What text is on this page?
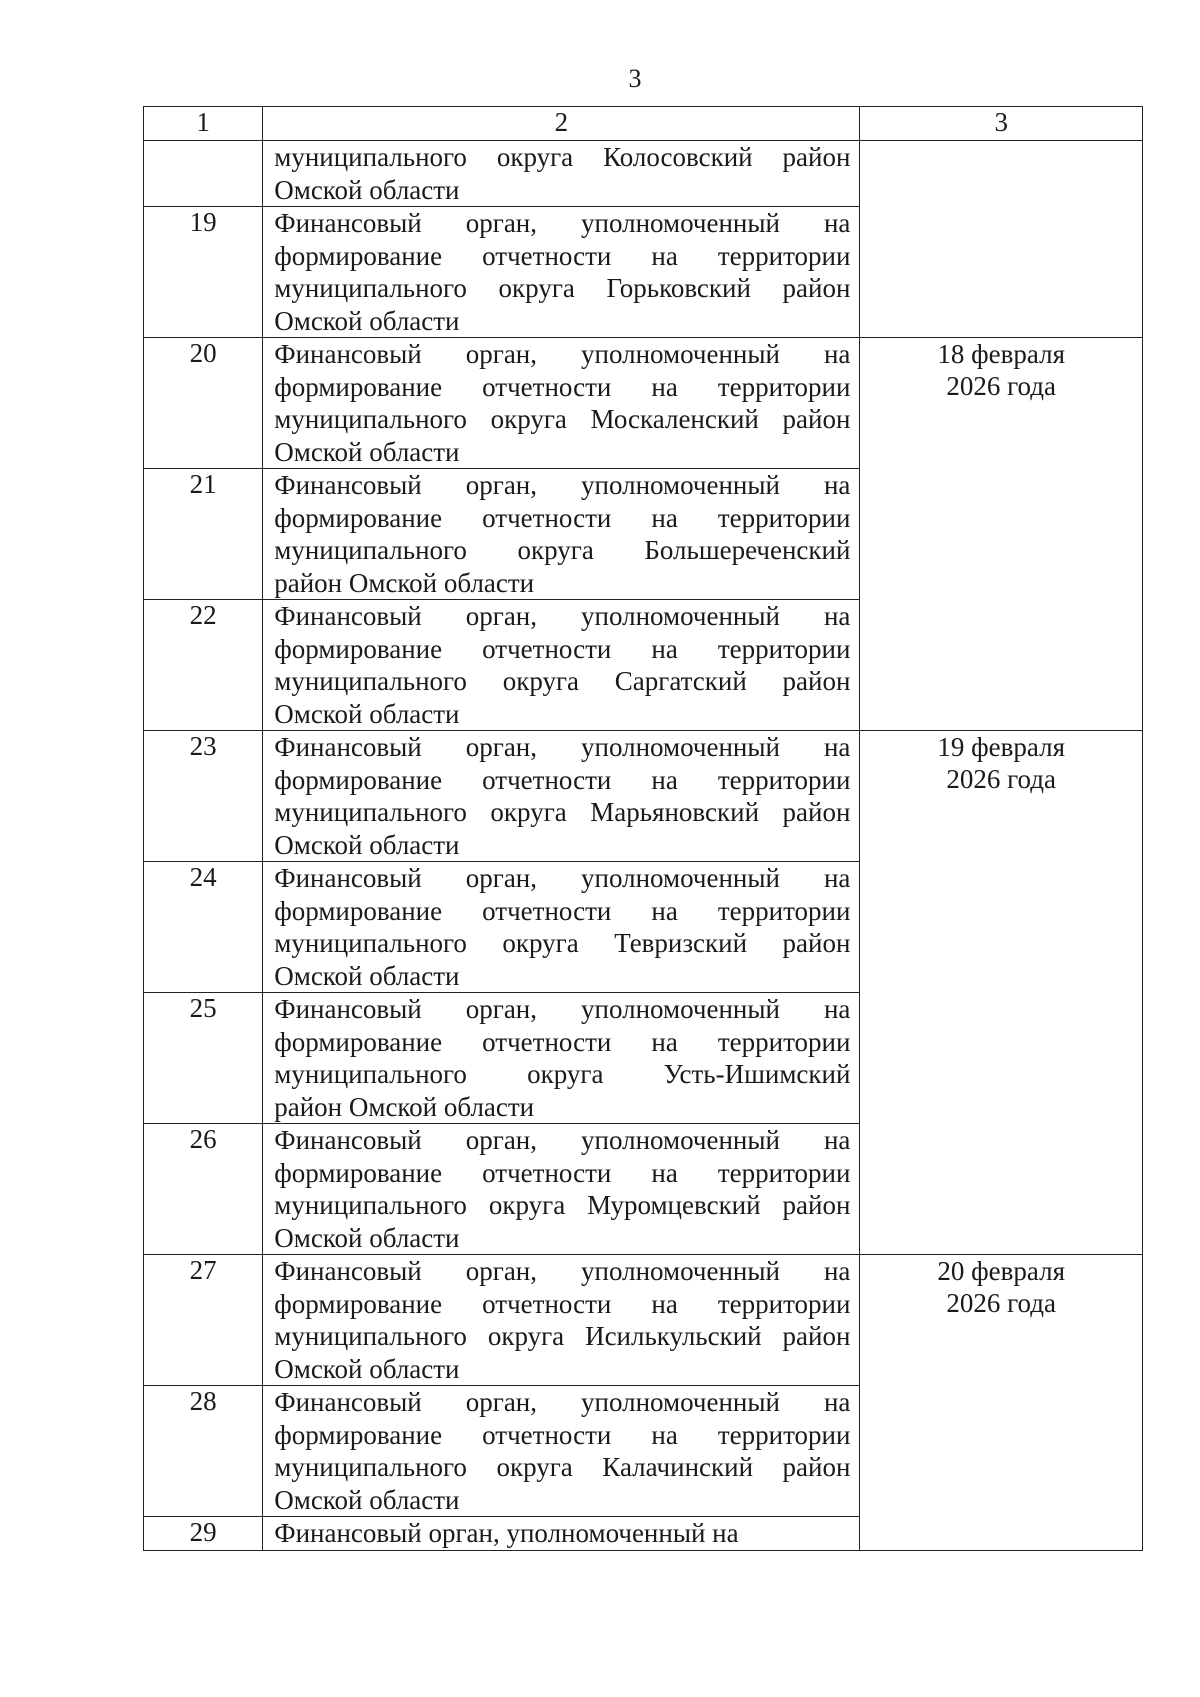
3
1	2	3

	муниципального округа Колосовский район
Омской области	

19	Финансовый орган, уполномоченный на
формирование отчетности на территории
муниципального округа Горьковский район
Омской области	

20	Финансовый орган, уполномоченный на
формирование отчетности на территории
муниципального округа Москаленский район
Омской области	18 февраля
2026 года

21	Финансовый орган, уполномоченный на
формирование отчетности на территории
муниципального округа Большереченский
район Омской области	

22	Финансовый орган, уполномоченный на
формирование отчетности на территории
муниципального округа Саргатский район
Омской области	

23	Финансовый орган, уполномоченный на
формирование отчетности на территории
муниципального округа Марьяновский район
Омской области	19 февраля
2026 года

24	Финансовый орган, уполномоченный на
формирование отчетности на территории
муниципального округа Тевризский район
Омской области	

25	Финансовый орган, уполномоченный на
формирование отчетности на территории
муниципального округа Усть-Ишимский
район Омской области	

26	Финансовый орган, уполномоченный на
формирование отчетности на территории
муниципального округа Муромцевский район
Омской области	

27	Финансовый орган, уполномоченный на
формирование отчетности на территории
муниципального округа Исилькульский район
Омской области	20 февраля
2026 года

28	Финансовый орган, уполномоченный на
формирование отчетности на территории
муниципального округа Калачинский район
Омской области	

29	Финансовый орган, уполномоченный на	
